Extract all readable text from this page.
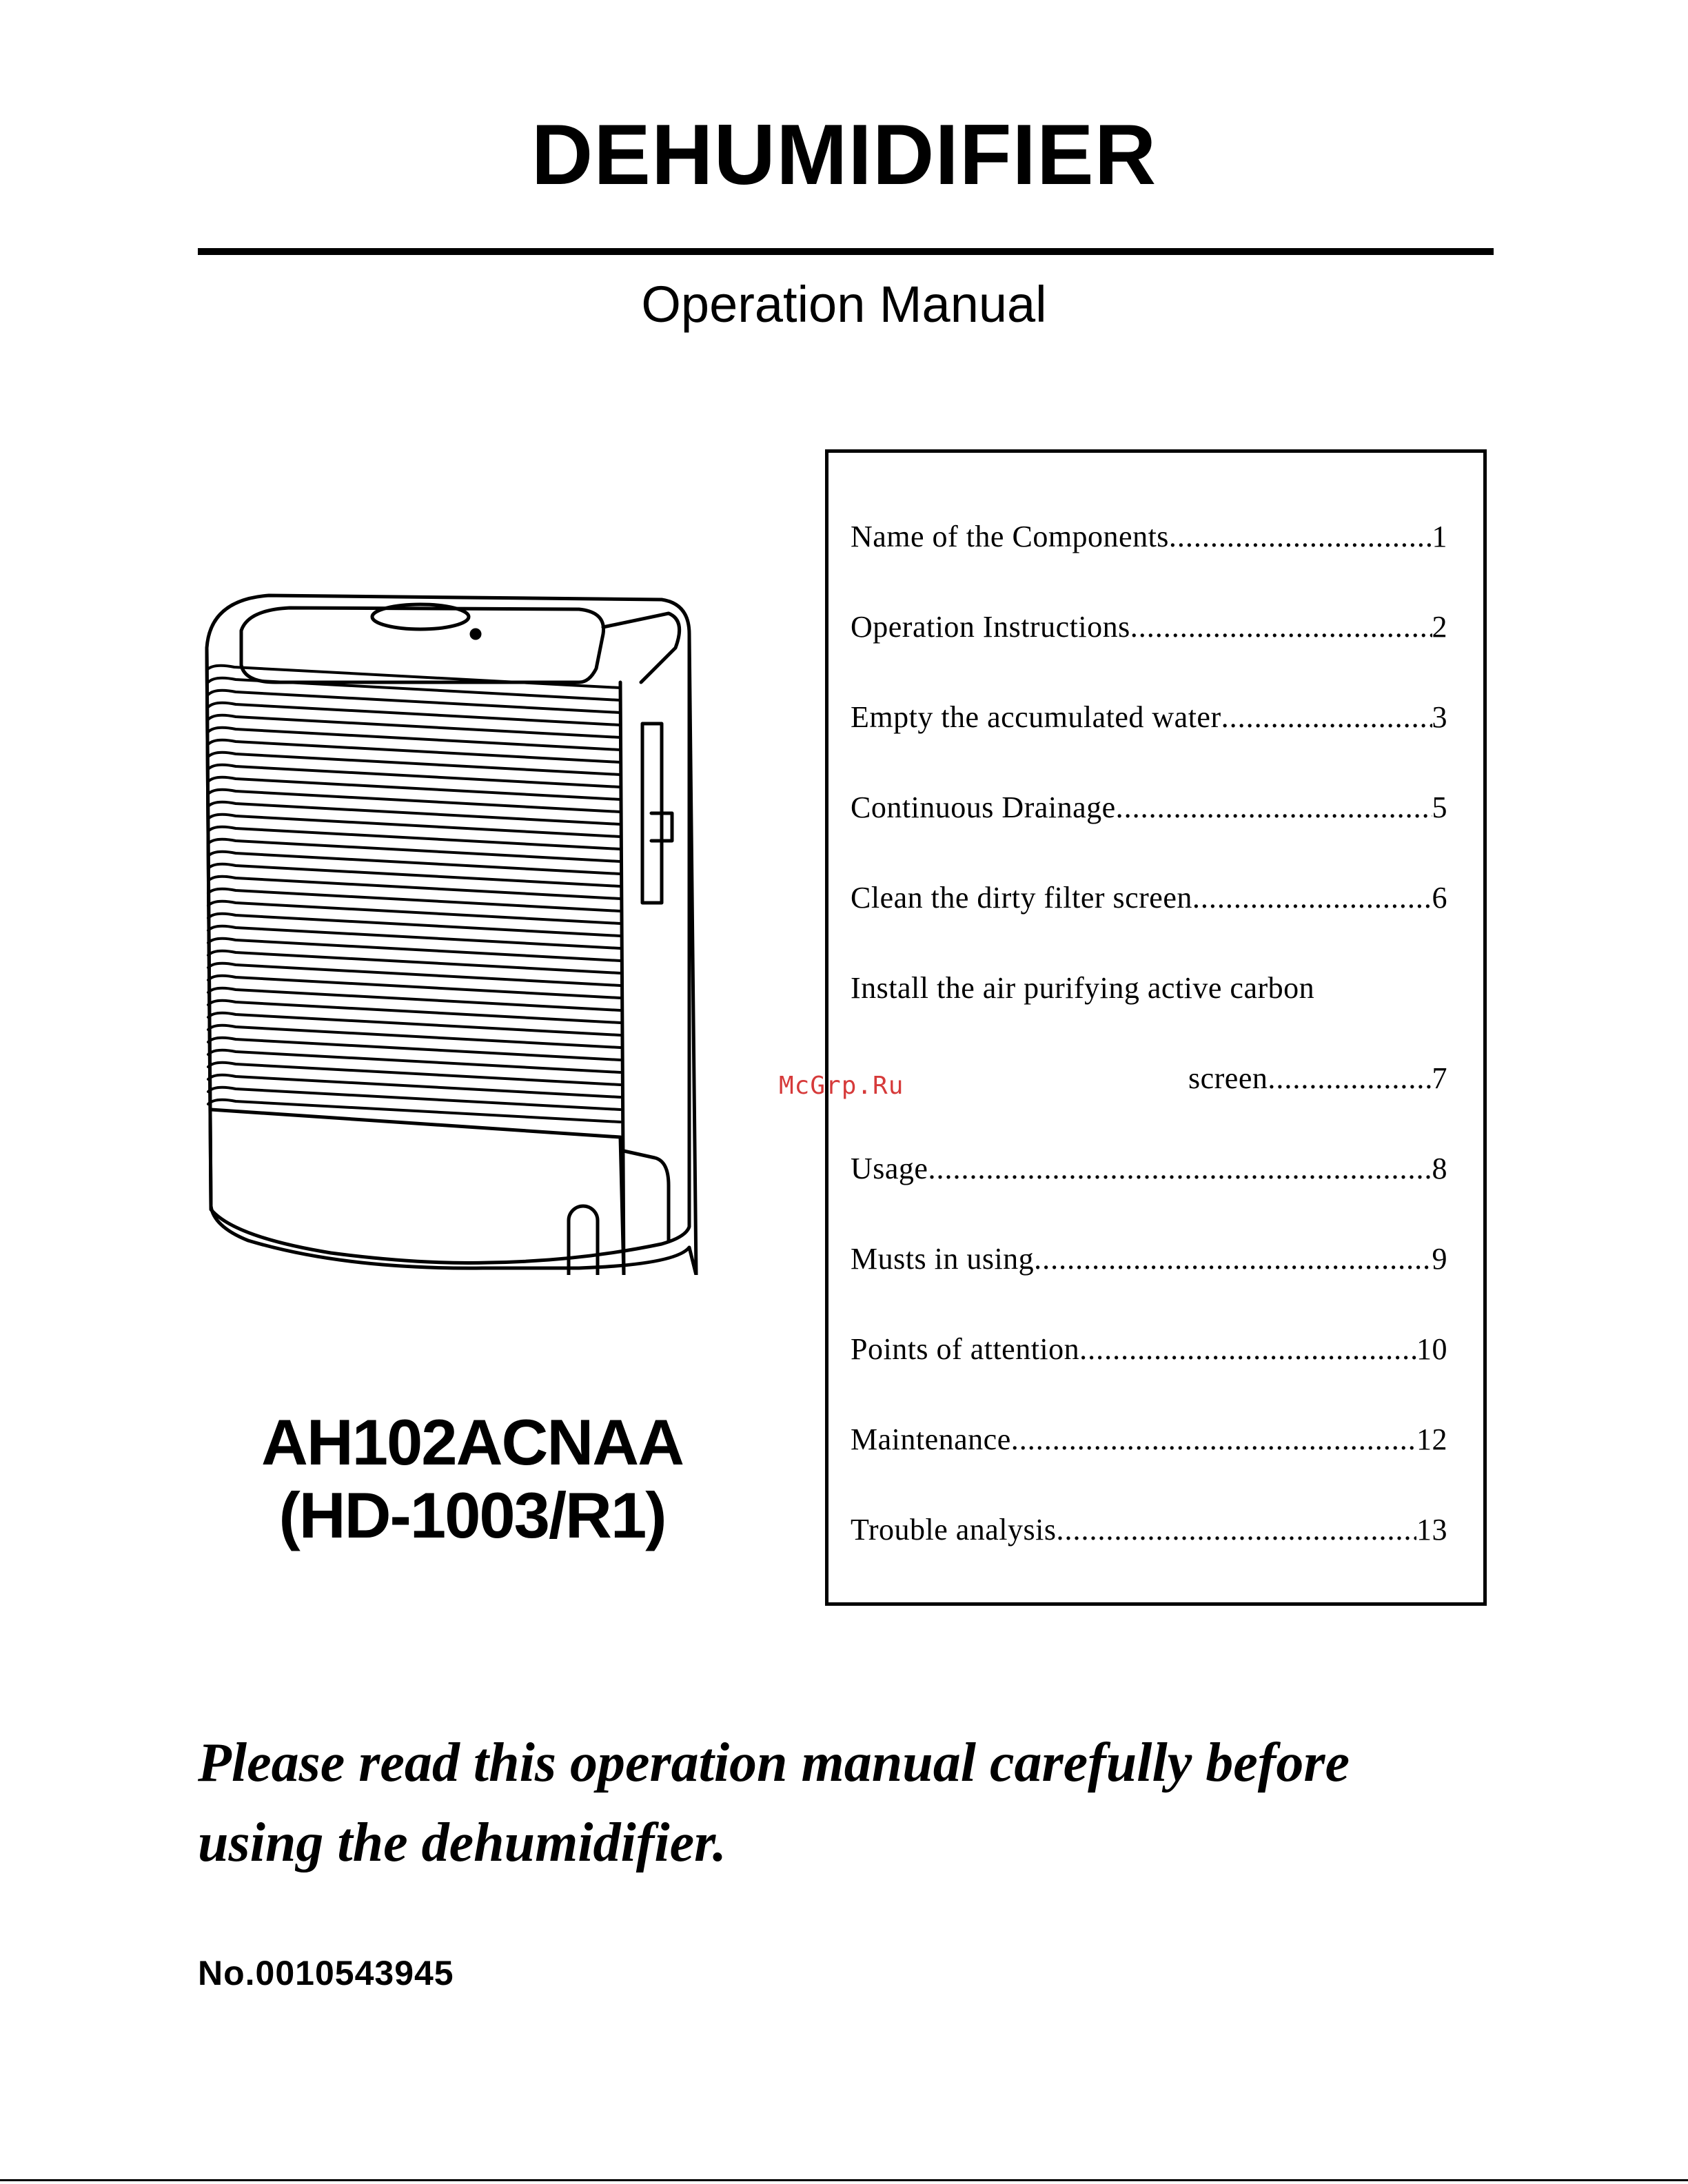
DEHUMIDIFIER
Operation Manual
AH102ACNAA
(HD-1003/R1)
Name of the Components .....	1
Operation Instructions .....	2
Empty the accumulated water .....	3
Continuous Drainage .....	5
Clean the dirty filter screen .....	6
Install the air purifying active carbon
screen .....	7
Usage .....	8
Musts in using .....	9
Points of attention .....	10
Maintenance .....	12
Trouble analysis .....	13
McGrp.Ru
Please read this operation manual carefully before
using the dehumidifier.
No.0010543945
